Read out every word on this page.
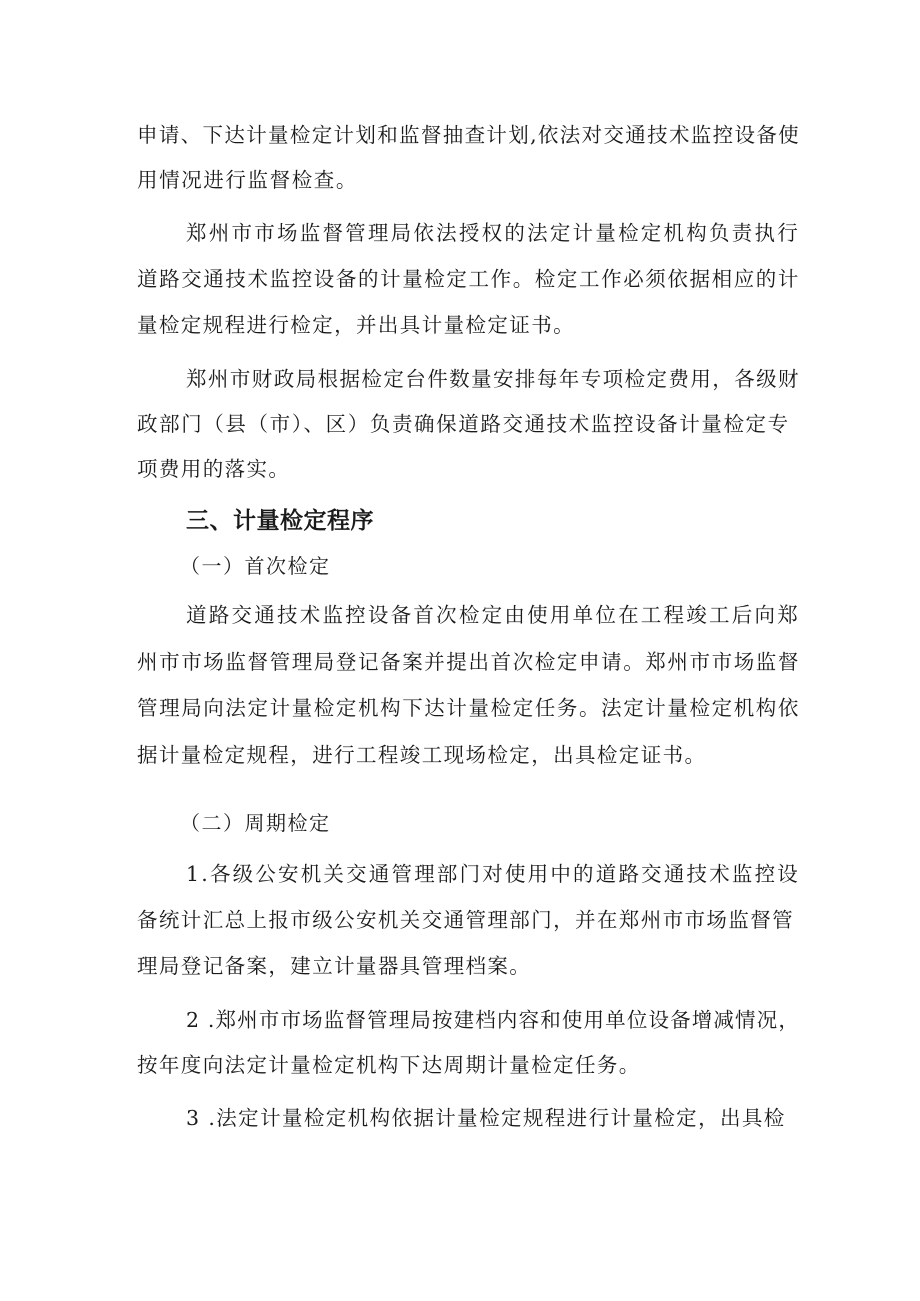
申请、下达计量检定计划和监督抽查计划,依法对交通技术监控设备使
用情况进行监督检查。
郑州市市场监督管理局依法授权的法定计量检定机构负责执行
道路交通技术监控设备的计量检定工作。检定工作必须依据相应的计
量检定规程进行检定，并出具计量检定证书。
郑州市财政局根据检定台件数量安排每年专项检定费用，各级财
政部门（县（市）、区）负责确保道路交通技术监控设备计量检定专
项费用的落实。
三、计量检定程序
（一）首次检定
道路交通技术监控设备首次检定由使用单位在工程竣工后向郑
州市市场监督管理局登记备案并提出首次检定申请。郑州市市场监督
管理局向法定计量检定机构下达计量检定任务。法定计量检定机构依
据计量检定规程，进行工程竣工现场检定，出具检定证书。
（二）周期检定
1.各级公安机关交通管理部门对使用中的道路交通技术监控设
备统计汇总上报市级公安机关交通管理部门，并在郑州市市场监督管
理局登记备案，建立计量器具管理档案。
2 .郑州市市场监督管理局按建档内容和使用单位设备增减情况，
按年度向法定计量检定机构下达周期计量检定任务。
3 .法定计量检定机构依据计量检定规程进行计量检定，出具检
